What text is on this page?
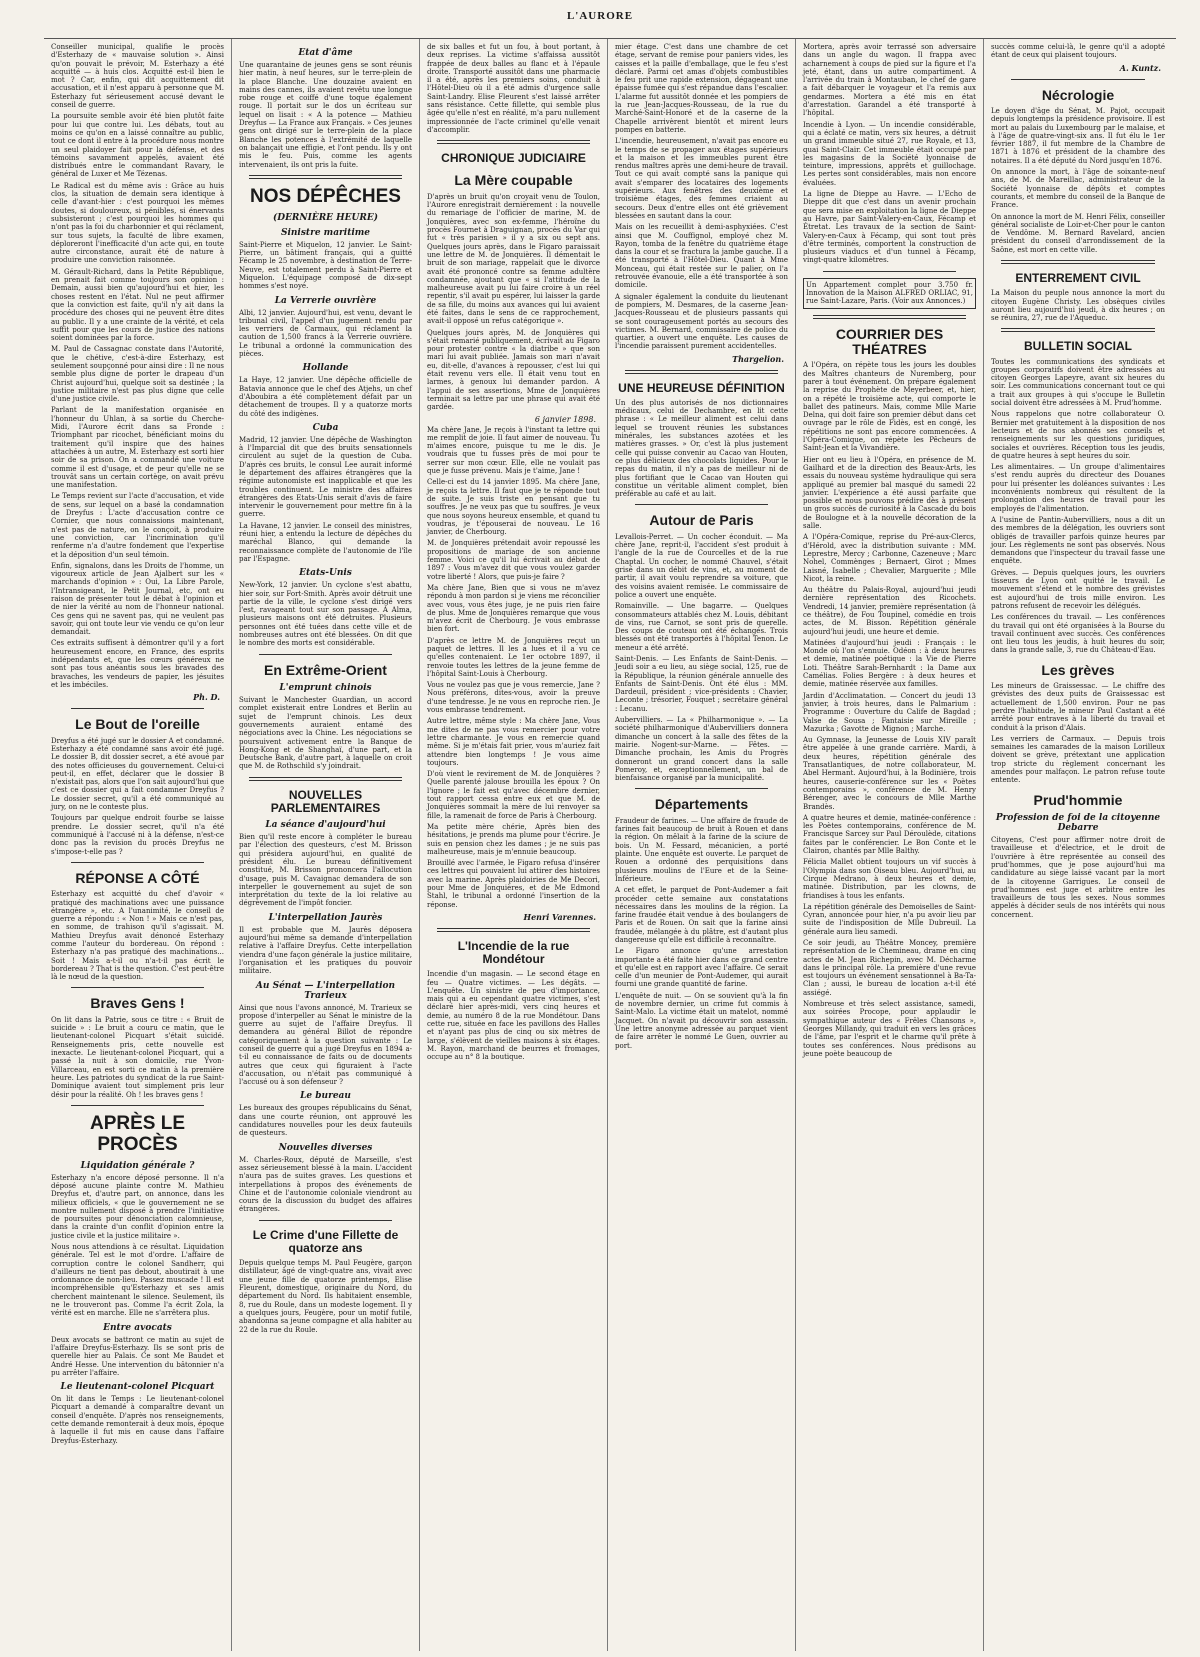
L'AURORE

Conseiller municipal, qualifie le procès d'Esterhazy de « mauvaise solution ». Ainsi qu'on pouvait le prévoir, M. Esterhazy a été acquitté — à huis clos. Acquitté est-il bien le mot ? Car, enfin, qui dit acquittement dit accusation, et il n'est apparu à personne que M. Esterhazy fut sérieusement accusé devant le conseil de guerre.

La poursuite semble avoir été bien plutôt faite pour lui que contre lui. Les débats, tout au moins ce qu'on en a laissé connaître au public, tout ce dont il entre à la procédure nous montre un seul plaidoyer fait pour la défense, et des témoins savamment appelés, avaient été distribués entre le commandant Ravary, le général de Luxer et Me Tézenas.

Le Radical est du même avis : Grâce au huis clos, la situation de demain sera identique à celle d'avant-hier : c'est pourquoi les mêmes doutes, si douloureux, si pénibles, si énervants subsisteront ; c'est pourquoi les hommes qui n'ont pas la foi du charbonnier et qui réclament, sur tous sujets, la faculté de libre examen, déploreront l'inefficacité d'un acte qui, en toute autre circonstance, aurait été de nature à produire une conviction raisonnée.

M. Gérault-Richard, dans la Petite République, en prenait fait comme toujours son opinion : Demain, aussi bien qu'aujourd'hui et hier, les choses restent en l'état. Nul ne peut affirmer que la conviction est faite, qu'il n'y ait dans la procédure des choses qui ne peuvent être dites au public. Il y a une crainte de la vérité, et cela suffit pour que les cours de justice des nations soient dominées par la force.

M. Paul de Cassagnac constate dans l'Autorité, que le chétive, c'est-à-dire Esterhazy, est seulement soupçonné pour ainsi dire : Il ne nous semble plus digne de porter le drapeau d'un Christ aujourd'hui, quelque soit sa destinée ; la justice militaire n'est pas plus digne que celle d'une justice civile.

Parlant de la manifestation organisée en l'honneur du Uhlan, à sa sortie du Cherche-Midi, l'Aurore écrit dans sa Fronde : Triomphant par ricochet, bénéficiant moins du traitement qu'il inspire que des haines attachées à un autre, M. Esterhazy est sorti hier soir de sa prison. On a commandé une voiture comme il est d'usage, et de peur qu'elle ne se trouvât sans un certain cortège, on avait prévu une manifestation.

Le Temps revient sur l'acte d'accusation, et vide de sens, sur lequel on a basé la condamnation de Dreyfus : L'acte d'accusation contre ce Cornier, que nous connaissions maintenant, n'est pas de nature, on le conçoit, à produire une conviction, car l'incrimination qu'il renferme n'a d'autre fondement que l'expertise et la déposition d'un seul témoin.

Enfin, signalons, dans les Droits de l'homme, un vigoureux article de Jean Ajalbert sur les « marchands d'opinion » : Oui, La Libre Parole, l'Intransigeant, le Petit Journal, etc, ont eu raison de présenter tout le débat à l'opinion et de nier la vérité au nom de l'honneur national. Ces gens qui ne savent pas, qui ne veulent pas savoir, qui ont toute leur vie vendu ce qu'on leur demandait.

Ces extraits suffisent à démontrer qu'il y a fort heureusement encore, en France, des esprits indépendants et, que les cœurs généreux ne sont pas tous anéantis sous les bravades des bravaches, les vendeurs de papier, les jésuites et les imbéciles.

Ph. D.
Le Bout de l'oreille

Dreyfus a été jugé sur le dossier A et condamné. Esterhazy a été condamné sans avoir été jugé. Le dossier B, dit dossier secret, a été avoué par des notes officieuses du gouvernement. Celui-ci peut-il, en effet, déclarer que le dossier B n'existait pas, alors que l'on sait aujourd'hui que c'est ce dossier qui a fait condamner Dreyfus ? Le dossier secret, qu'il a été communiqué au jury, on ne le conteste plus.

Toujours par quelque endroit fourbe se laisse prendre. Le dossier secret, qu'il n'a été communiqué à l'accusé ni à la défense, n'est-ce donc pas la revision du procès Dreyfus ne s'impose-t-elle pas ?

RÉPONSE A CÔTÉ

Esterhazy est acquitté du chef d'avoir « pratiqué des machinations avec une puissance étrangère », etc. A l'unanimité, le conseil de guerre a répondu : « Non ! » Mais ce n'est pas, en somme, de trahison qu'il s'agissait. M. Mathieu Dreyfus avait dénoncé Esterhazy comme l'auteur du bordereau. On répond : Esterhazy n'a pas pratiqué des machinations... Soit ! Mais a-t-il ou n'a-t-il pas écrit le bordereau ? That is the question. C'est peut-être là le nœud de la question.

Braves Gens !

On lit dans la Patrie, sous ce titre : « Bruit de suicide » : Le bruit a couru ce matin, que le lieutenant-colonel Picquart s'était suicidé. Renseignements pris, cette nouvelle est inexacte. Le lieutenant-colonel Picquart, qui a passé la nuit à son domicile, rue Yvon-Villarceau, en est sorti ce matin à la première heure. Les patriotes du syndicat de la rue Saint-Dominique avaient tout simplement pris leur désir pour la réalité. Oh ! les braves gens !

APRÈS LE PROCÈS
Liquidation générale ?

Esterhazy n'a encore déposé personne. Il n'a déposé aucune plainte contre M. Mathieu Dreyfus et, d'autre part, on annonce, dans les milieux officiels, « que le gouvernement ne se montre nullement disposé à prendre l'initiative de poursuites pour dénonciation calomnieuse, dans la crainte d'un conflit d'opinion entre la justice civile et la justice militaire ».

Nous nous attendions à ce résultat. Liquidation générale. Tel est le mot d'ordre. L'affaire de corruption contre le colonel Sandherr, qui d'ailleurs ne tient pas debout, aboutirait à une ordonnance de non-lieu. Passez muscade ! Il est incompréhensible qu'Esterhazy et ses amis cherchent maintenant le silence. Seulement, ils ne le trouveront pas. Comme l'a écrit Zola, la vérité est en marche. Elle ne s'arrêtera plus.

Entre avocats

Deux avocats se battront ce matin au sujet de l'affaire Dreyfus-Esterhazy. Ils se sont pris de querelle hier au Palais. Ce sont Me Baudet et André Hesse. Une intervention du bâtonnier n'a pu arrêter l'affaire.

Le lieutenant-colonel Picquart

On lit dans le Temps : Le lieutenant-colonel Picquart a demandé à comparaître devant un conseil d'enquête. D'après nos renseignements, cette demande remonterait à deux mois, époque à laquelle il fut mis en cause dans l'affaire Dreyfus-Esterhazy.

Etat d'âme

Une quarantaine de jeunes gens se sont réunis hier matin, à neuf heures, sur le terre-plein de la place Blanche. Une douzaine avaient en mains des cannes, ils avaient revêtu une longue robe rouge et coiffé d'une toque également rouge. Il portait sur le dos un écriteau sur lequel on lisait : « A la potence — Mathieu Dreyfus — La France aux Français. » Ces jeunes gens ont dirigé sur le terre-plein de la place Blanche les potences à l'extrémité de laquelle on balançait une effigie, et l'ont pendu. Ils y ont mis le feu. Puis, comme les agents intervenaient, ils ont pris la fuite.

NOS DÉPÊCHES
(DERNIÈRE HEURE)
Sinistre maritime

Saint-Pierre et Miquelon, 12 janvier. Le Saint-Pierre, un bâtiment français, qui a quitté Fécamp le 25 novembre, à destination de Terre-Neuve, est totalement perdu à Saint-Pierre et Miquelon. L'équipage composé de dix-sept hommes s'est noyé.

La Verrerie ouvrière

Albi, 12 janvier. Aujourd'hui, est venu, devant le tribunal civil, l'appel d'un jugement rendu par les verriers de Carmaux, qui réclament la caution de 1,500 francs à la Verrerie ouvrière. Le tribunal a ordonné la communication des pièces.

Hollande

La Haye, 12 janvier. Une dépêche officielle de Batavia annonce que le chef des Atjehs, un chef d'Aboubira a été complètement défait par un détachement de troupes. Il y a quatorze morts du côté des indigènes.

Cuba

Madrid, 12 janvier. Une dépêche de Washington à l'Imparcial dit que des bruits sensationnels circulent au sujet de la question de Cuba. D'après ces bruits, le consul Lee aurait informé le département des affaires étrangères que la régime autonomiste est inapplicable et que les troubles continuent. Le ministre des affaires étrangères des Etats-Unis serait d'avis de faire intervenir le gouvernement pour mettre fin à la guerre.

La Havane, 12 janvier. Le conseil des ministres, réuni hier, a entendu la lecture de dépêches du maréchal Blanco, qui demande la reconnaissance complète de l'autonomie de l'île par l'Espagne.

Etats-Unis

New-York, 12 janvier. Un cyclone s'est abattu, hier soir, sur Fort-Smith. Après avoir détruit une partie de la ville, le cyclone s'est dirigé vers l'est, ravageant tout sur son passage. A Alma, plusieurs maisons ont été détruites. Plusieurs personnes ont été tuées dans cette ville et de nombreuses autres ont été blessées. On dit que le nombre des morts est considérable.

En Extrême-Orient
L'emprunt chinois

Suivant le Manchester Guardian, un accord complet existerait entre Londres et Berlin au sujet de l'emprunt chinois. Les deux gouvernements auraient entamé des négociations avec la Chine. Les négociations se poursuivent activement entre la Banque de Hong-Kong et de Shanghaï, d'une part, et la Deutsche Bank, d'autre part, à laquelle on croit que M. de Rothschild s'y joindrait.

NOUVELLES PARLEMENTAIRES
La séance d'aujourd'hui

Bien qu'il reste encore à compléter le bureau par l'élection des questeurs, c'est M. Brisson qui présidera aujourd'hui, en qualité de président élu. Le bureau définitivement constitué, M. Brisson prononcera l'allocution d'usage, puis M. Cavaignac demandera de son interpeller le gouvernement au sujet de son interprétation du texte de la loi relative au dégrèvement de l'impôt foncier.

L'interpellation Jaurès

Il est probable que M. Jaurès déposera aujourd'hui même sa demande d'interpellation relative à l'affaire Dreyfus. Cette interpellation viendra d'une façon générale la justice militaire, l'organisation et les pratiques du pouvoir militaire.

Au Sénat — L'interpellation Trarieux

Ainsi que nous l'avons annoncé, M. Trarieux se propose d'interpeller au Sénat le ministre de la guerre au sujet de l'affaire Dreyfus. Il demandera au général Billot de répondre catégoriquement à la question suivante : Le conseil de guerre qui a jugé Dreyfus en 1894 a-t-il eu connaissance de faits ou de documents autres que ceux qui figuraient à l'acte d'accusation, ou n'était pas communiqué à l'accusé ou à son défenseur ?

Le bureau

Les bureaux des groupes républicains du Sénat, dans une courte réunion, ont approuvé les candidatures nouvelles pour les deux fauteuils de questeurs.

Nouvelles diverses

M. Charles-Roux, député de Marseille, s'est assez sérieusement blessé à la main. L'accident n'aura pas de suites graves. Les questions et interpellations à propos des événements de Chine et de l'autonomie coloniale viendront au cours de la discussion du budget des affaires étrangères.

Le Crime d'une Fillette de quatorze ans

Depuis quelque temps M. Paul Feugère, garçon distillateur, âgé de vingt-quatre ans, vivait avec une jeune fille de quatorze printemps, Elise Fleurent, domestique, originaire du Nord, du département du Nord. Ils habitaient ensemble, 8, rue du Roule, dans un modeste logement. Il y a quelques jours, Feugère, pour un motif futile, abandonna sa jeune compagne et alla habiter au 22 de la rue du Roule.

de six balles et fut un fou, à bout portant, à deux reprises. La victime s'affaissa aussitôt frappée de deux balles au flanc et à l'épaule droite. Transporté aussitôt dans une pharmacie il a été, après les premiers soins, conduit à l'Hôtel-Dieu où il a été admis d'urgence salle Saint-Landry. Elise Fleurent s'est laissé arrêter sans résistance. Cette fillette, qui semble plus âgée qu'elle n'est en réalité, m'a paru nullement impressionnée de l'acte criminel qu'elle venait d'accomplir.

CHRONIQUE JUDICIAIRE
La Mère coupable

D'après un bruit qu'on croyait venu de Toulon, l'Aurore enregistrait dernièrement : la nouvelle du remariage de l'officier de marine, M. de Jonquières, avec son ex-femme, l'héroïne du procès Fournet à Draguignan, procès du Var qui fut « très parisien » il y a six ou sept ans. Quelques jours après, dans le Figaro paraissait une lettre de M. de Jonquières. Il démentait le bruit de son mariage, rappelait que le divorce avait été prononcé contre sa femme adultère condamnée, ajoutant que « si l'attitude de la malheureuse avait pu lui faire croire à un réel repentir, s'il avait pu espérer, lui laisser la garde de sa fille, du moins aux avances qui lui avaient été faites, dans le sens de ce rapprochement, avait-il opposé un refus catégorique ».

Quelques jours après, M. de Jonquières qui s'était remarié publiquement, écrivait au Figaro pour protester contre « la diatribe » que son mari lui avait publiée. Jamais son mari n'avait eu, dit-elle, d'avances à repousser, c'est lui qui était revenu vers elle. Il était venu tout en larmes, à genoux lui demander pardon. A l'appui de ses assertions, Mme de Jonquières terminait sa lettre par une phrase qui avait été gardée.

6 janvier 1898.

Ma chère Jane, Je reçois à l'instant ta lettre qui me remplit de joie. Il faut aimer de nouveau. Tu m'aimes encore, puisque tu me le dis. Je voudrais que tu fusses près de moi pour te serrer sur mon cœur. Elle, elle ne voulait pas que je fusse prévenu. Mais je t'aime, Jane !

Celle-ci est du 14 janvier 1895. Ma chère Jane, je reçois ta lettre. Il faut que je te réponde tout de suite. Je suis triste en pensant que tu souffres. Je ne veux pas que tu souffres. Je veux que nous soyons heureux ensemble, et quand tu voudras, je t'épouserai de nouveau. Le 16 janvier, de Cherbourg.

M. de Jonquières prétendait avoir repoussé les propositions de mariage de son ancienne femme. Voici ce qu'il lui écrivait au début de 1897 : Vous m'avez dit que vous voulez garder votre liberté ! Alors, que puis-je faire ?

Ma chère Jane, Bien que si vous ne m'avez répondu à mon pardon si je viens me réconcilier avec vous, vous êtes juge, je ne puis rien faire de plus. Mme de Jonquières remarque que vous m'avez écrit de Cherbourg. Je vous embrasse bien fort.

D'après ce lettre M. de Jonquières reçut un paquet de lettres. Il les a lues et il a vu ce qu'elles contenaient. Le 1er octobre 1897, il renvoie toutes les lettres de la jeune femme de l'hôpital Saint-Louis à Cherbourg.

Vous ne voulez pas que je vous remercie, Jane ? Nous préférons, dites-vous, avoir la preuve d'une tendresse. Je ne vous en reproche rien. Je vous embrasse tendrement.

Autre lettre, même style : Ma chère Jane, Vous me dites de ne pas vous remercier pour votre lettre charmante. Je vous en remercie quand même. Si je m'étais fait prier, vous m'auriez fait attendre bien longtemps ! Je vous aime toujours.

D'où vient le revirement de M. de Jonquières ? Quelle parenté jalouse brouilla les époux ? On l'ignore ; le fait est qu'avec décembre dernier, tout rapport cessa entre eux et que M. de Jonquières sommait la mère de lui renvoyer sa fille, la ramenait de force de Paris à Cherbourg.

Ma petite mère chérie, Après bien des hésitations, je prends ma plume pour t'écrire. Je suis en pension chez les dames ; je ne suis pas malheureuse, mais je m'ennuie beaucoup.

Brouillé avec l'armée, le Figaro refusa d'insérer ces lettres qui pouvaient lui attirer des histoires avec la marine. Après plaidoiries de Me Decori, pour Mme de Jonquières, et de Me Edmond Stahl, le tribunal a ordonné l'insertion de la réponse.

Henri Varennes.
L'Incendie de la rue Mondétour

Incendie d'un magasin. — Le second étage en feu — Quatre victimes. — Les dégâts. — L'enquête. Un sinistre de peu d'importance, mais qui a eu cependant quatre victimes, s'est déclaré hier après-midi, vers cinq heures et demie, au numéro 8 de la rue Mondétour. Dans cette rue, située en face les pavillons des Halles et n'ayant pas plus de cinq ou six mètres de large, s'élèvent de vieilles maisons à six étages. M. Rayon, marchand de beurres et fromages, occupe au n° 8 la boutique.

mier étage. C'est dans une chambre de cet étage, servant de remise pour paniers vides, les caisses et la paille d'emballage, que le feu s'est déclaré. Parmi cet amas d'objets combustibles le feu prit une rapide extension, dégageant une épaisse fumée qui s'est répandue dans l'escalier. L'alarme fut aussitôt donnée et les pompiers de la rue Jean-Jacques-Rousseau, de la rue du Marché-Saint-Honoré et de la caserne de la Chapelle arrivèrent bientôt et mirent leurs pompes en batterie.

L'incendie, heureusement, n'avait pas encore eu le temps de se propager aux étages supérieurs et la maison et les immeubles purent être rendus maîtres après une demi-heure de travail. Tout ce qui avait compté sans la panique qui avait s'emparer des locataires des logements supérieurs. Aux fenêtres des deuxième et troisième étages, des femmes criaient au secours. Deux d'entre elles ont été grièvement blessées en sautant dans la cour.

Mais on les recueillit à demi-asphyxiées. C'est ainsi que M. Couffignol, employé chez M. Rayon, tomba de la fenêtre du quatrième étage dans la cour et se fractura la jambe gauche. Il a été transporté à l'Hôtel-Dieu. Quant à Mme Monceau, qui était restée sur le palier, on l'a retrouvée évanouie, elle a été transportée à son domicile.

A signaler également la conduite du lieutenant de pompiers, M. Desmares, de la caserne Jean-Jacques-Rousseau et de plusieurs passants qui se sont courageusement portés au secours des victimes. M. Bernard, commissaire de police du quartier, a ouvert une enquête. Les causes de l'incendie paraissent purement accidentelles.

Thargelion.
UNE HEUREUSE DÉFINITION

Un des plus autorisés de nos dictionnaires médicaux, celui de Dechambre, en lit cette phrase : « Le meilleur aliment est celui dans lequel se trouvent réunies les substances minérales, les substances azotées et les matières grasses. » Or, c'est là plus justement celle qui puisse convenir au Cacao van Houten, ce plus délicieux des chocolats liquides. Pour le repas du matin, il n'y a pas de meilleur ni de plus fortifiant que le Cacao van Houten qui constitue un véritable aliment complet, bien préférable au café et au lait.

Autour de Paris

Levallois-Perret. — Un cocher éconduit. — Ma chère Jane, reprit-il, l'accident s'est produit à l'angle de la rue de Courcelles et de la rue Chaptal. Un cocher, le nommé Chauvel, s'était grisé dans un débit de vins, et, au moment de partir, il avait voulu reprendre sa voiture, que des voisins avaient remisée. Le commissaire de police a ouvert une enquête.

Romainville. — Une bagarre. — Quelques consommateurs attablés chez M. Louis, débitant de vins, rue Carnot, se sont pris de querelle. Des coups de couteau ont été échangés. Trois blessés ont été transportés à l'hôpital Tenon. Le meneur a été arrêté.

Saint-Denis. — Les Enfants de Saint-Denis. — Jeudi soir a eu lieu, au siège social, 125, rue de la République, la réunion générale annuelle des Enfants de Saint-Denis. Ont été élus : MM. Dardeuil, président ; vice-présidents : Chavier, Leconte ; trésorier, Fouquet ; secrétaire général : Lecanu.

Aubervilliers. — La « Philharmonique ». — La société philharmonique d'Aubervilliers donnera dimanche un concert à la salle des fêtes de la mairie. Nogent-sur-Marne. — Fêtes. — Dimanche prochain, les Amis du Progrès donneront un grand concert dans la salle Pomeroy, et, exceptionnellement, un bal de bienfaisance organisé par la municipalité.

Départements

Fraudeur de farines. — Une affaire de fraude de farines fait beaucoup de bruit à Rouen et dans la région. On mêlait à la farine de la sciure de bois. Un M. Fessard, mécanicien, a porté plainte. Une enquête est ouverte. Le parquet de Rouen a ordonné des perquisitions dans plusieurs moulins de l'Eure et de la Seine-Inférieure.

A cet effet, le parquet de Pont-Audemer a fait procéder cette semaine aux constatations nécessaires dans les moulins de la région. La farine fraudée était vendue à des boulangers de Paris et de Rouen. On sait que la farine ainsi fraudée, mélangée à du plâtre, est d'autant plus dangereuse qu'elle est difficile à reconnaître.

Le Figaro annonce qu'une arrestation importante a été faite hier dans ce grand centre et qu'elle est en rapport avec l'affaire. Ce serait celle d'un meunier de Pont-Audemer, qui aurait fourni une grande quantité de farine.

L'enquête de nuit. — On se souvient qu'à la fin de novembre dernier, un crime fut commis à Saint-Malo. La victime était un matelot, nommé Jacquet. On n'avait pu découvrir son assassin. Une lettre anonyme adressée au parquet vient de faire arrêter le nommé Le Guen, ouvrier au port.

Mortera, après avoir terrassé son adversaire dans un angle du wagon. Il frappa avec acharnement à coups de pied sur la figure et l'a jeté, étant, dans un autre compartiment. A l'arrivée du train à Montauban, le chef de gare a fait débarquer le voyageur et l'a remis aux gendarmes. Mortera a été mis en état d'arrestation. Garandel a été transporté à l'hôpital.

Incendie à Lyon. — Un incendie considérable, qui a éclaté ce matin, vers six heures, a détruit un grand immeuble situé 27, rue Royale, et 13, quai Saint-Clair. Cet immeuble était occupé par les magasins de la Société lyonnaise de teinture, impressions, apprêts et guillochage. Les pertes sont considérables, mais non encore évaluées.

La ligne de Dieppe au Havre. — L'Echo de Dieppe dit que c'est dans un avenir prochain que sera mise en exploitation la ligne de Dieppe au Havre, par Saint-Valery-en-Caux, Fécamp et Étretat. Les travaux de la section de Saint-Valery-en-Caux à Fécamp, qui sont tout près d'être terminés, comportent la construction de plusieurs viaducs et d'un tunnel à Fécamp, vingt-quatre kilomètres.

Un Appartement complet pour 3.750 fr. Innovation de la Maison ALFRED ORLIAC, 91, rue Saint-Lazare, Paris. (Voir aux Annonces.)
COURRIER DES THÉATRES

A l'Opéra, on répète tous les jours les doubles des Maîtres chanteurs de Nuremberg, pour parer à tout événement. On prépare également la reprise du Prophète de Meyerbeer, et, hier, on a répété le troisième acte, qui comporte le ballet des patineurs. Mais, comme Mlle Marie Delna, qui doit faire son premier début dans cet ouvrage par le rôle de Fidès, est en congé, les répétitions ne sont pas encore commencées. A l'Opéra-Comique, on répète les Pêcheurs de Saint-Jean et la Vivandière.

Hier ont eu lieu à l'Opéra, en présence de M. Gailhard et de la direction des Beaux-Arts, les essais du nouveau système hydraulique qui sera appliqué au premier bal masqué du samedi 22 janvier. L'expérience a été aussi parfaite que possible et nous pouvons prédire dès à présent un gros succès de curiosité à la Cascade du bois de Boulogne et à la nouvelle décoration de la salle.

A l'Opéra-Comique, reprise du Pré-aux-Clercs, d'Hérold, avec la distribution suivante : MM. Leprestre, Mercy ; Carbonne, Cazeneuve ; Marc Nohel, Commènges ; Bernaert, Girot ; Mmes Laisné, Isabelle ; Chevalier, Marguerite ; Mlle Nicot, la reine.

Au théâtre du Palais-Royal, aujourd'hui jeudi dernière représentation des Ricochets. Vendredi, 14 janvier, première représentation (à ce théâtre), de Fou Toupinel, comédie en trois actes, de M. Bisson. Répétition générale aujourd'hui jeudi, une heure et demie.

Matinées d'aujourd'hui jeudi : Français : le Monde où l'on s'ennuie. Odéon : à deux heures et demie, matinée poétique : la Vie de Pierre Loti. Théâtre Sarah-Bernhardt : la Dame aux Camélias. Folies Bergère : à deux heures et demie, matinée réservée aux familles.

Jardin d'Acclimatation. — Concert du jeudi 13 janvier, à trois heures, dans le Palmarium : Programme : Ouverture du Calife de Bagdad ; Valse de Sousa ; Fantaisie sur Mireille ; Mazurka ; Gavotte de Mignon ; Marche.

Au Gymnase, la Jeunesse de Louis XIV paraît être appelée à une grande carrière. Mardi, à deux heures, répétition générale des Transatlantiques, de notre collaborateur, M. Abel Hermant. Aujourd'hui, à la Bodinière, trois heures, causerie-conférence sur les « Poètes contemporains », conférence de M. Henry Bérenger, avec le concours de Mlle Marthe Brandès.

A quatre heures et demie, matinée-conférence : les Poètes contemporains, conférence de M. Francisque Sarcey sur Paul Déroulède, citations faites par le conférencier. Le Bon Conte et le Clairon, chantés par Mlle Balthy.

Félicia Mallet obtient toujours un vif succès à l'Olympia dans son Oiseau bleu. Aujourd'hui, au Cirque Medrano, à deux heures et demie, matinée. Distribution, par les clowns, de friandises à tous les enfants.

La répétition générale des Demoiselles de Saint-Cyran, annoncée pour hier, n'a pu avoir lieu par suite de l'indisposition de Mlle Dubreuil. La générale aura lieu samedi.

Ce soir jeudi, au Théâtre Moncey, première représentation de le Chemineau, drame en cinq actes de M. Jean Richepin, avec M. Décharme dans le principal rôle. La première d'une revue est toujours un événement sensationnel à Ba-Ta-Clan ; aussi, le bureau de location a-t-il été assiégé.

Nombreuse et très select assistance, samedi, aux soirées Procope, pour applaudir le sympathique auteur des « Frêles Chansons », Georges Millandy, qui traduit en vers les grâces de l'âme, par l'esprit et le charme qu'il prête à toutes ses conférences. Nous prédisons au jeune poète beaucoup de

succès comme celui-là, le genre qu'il a adopté étant de ceux qui plaisent toujours.

A. Kuntz.
Nécrologie

Le doyen d'âge du Sénat, M. Pajot, occupait depuis longtemps la présidence provisoire. Il est mort au palais du Luxembourg par le malaise, et à l'âge de quatre-vingt-six ans. Il fut élu le 1er février 1887, il fut membre de la Chambre de 1871 à 1876 et président de la chambre des notaires. Il a été député du Nord jusqu'en 1876.

On annonce la mort, à l'âge de soixante-neuf ans, de M. de Mareillac, administrateur de la Société lyonnaise de dépôts et comptes courants, et membre du conseil de la Banque de France.

On annonce la mort de M. Henri Félix, conseiller général socialiste de Loir-et-Cher pour le canton de Vendôme. M. Bernard Ravelard, ancien président du conseil d'arrondissement de la Saône, est mort en cette ville.

ENTERREMENT CIVIL

La Maison du peuple nous annonce la mort du citoyen Eugène Christy. Les obsèques civiles auront lieu aujourd'hui jeudi, à dix heures ; on se réunira, 27, rue de l'Aqueduc.

BULLETIN SOCIAL

Toutes les communications des syndicats et groupes corporatifs doivent être adressées au citoyen Georges Lapeyre, avant six heures du soir. Les communications concernant tout ce qui a trait aux groupes à qui s'occupe le Bulletin social doivent être adressées à M. Prud'homme.

Nous rappelons que notre collaborateur O. Bernier met gratuitement à la disposition de nos lecteurs et de nos abonnés ses conseils et renseignements sur les questions juridiques, sociales et ouvrières. Réception tous les jeudis, de quatre heures à sept heures du soir.

Les alimentaires. — Un groupe d'alimentaires s'est rendu auprès du directeur des Douanes pour lui présenter les doléances suivantes : Les inconvénients nombreux qui résultent de la prolongation des heures de travail pour les employés de l'alimentation.

A l'usine de Pantin-Aubervilliers, nous a dit un des membres de la délégation, les ouvriers sont obligés de travailler parfois quinze heures par jour. Les règlements ne sont pas observés. Nous demandons que l'inspecteur du travail fasse une enquête.

Grèves. — Depuis quelques jours, les ouvriers tisseurs de Lyon ont quitté le travail. Le mouvement s'étend et le nombre des grévistes est aujourd'hui de trois mille environ. Les patrons refusent de recevoir les délégués.

Les conférences du travail. — Les conférences du travail qui ont été organisées à la Bourse du travail continuent avec succès. Ces conférences ont lieu tous les jeudis, à huit heures du soir, dans la grande salle, 3, rue du Château-d'Eau.

Les grèves

Les mineurs de Graissessac. — Le chiffre des grévistes des deux puits de Graissessac est actuellement de 1,500 environ. Pour ne pas perdre l'habitude, le mineur Paul Castant a été arrêté pour entraves à la liberté du travail et conduit à la prison d'Alais.

Les verriers de Carmaux. — Depuis trois semaines les camarades de la maison Lorilleux doivent se grève, prétextant une application trop stricte du règlement concernant les amendes pour malfaçon. Le patron refuse toute entente.

Prud'hommie
Profession de foi de la citoyenne Debarre

Citoyens, C'est pour affirmer notre droit de travailleuse et d'électrice, et le droit de l'ouvrière à être représentée au conseil des prud'hommes, que je pose aujourd'hui ma candidature au siège laissé vacant par la mort de la citoyenne Garrigues. Le conseil de prud'hommes est juge et arbitre entre les travailleurs de tous les sexes. Nous sommes appelés à décider seuls de nos intérêts qui nous concernent.
